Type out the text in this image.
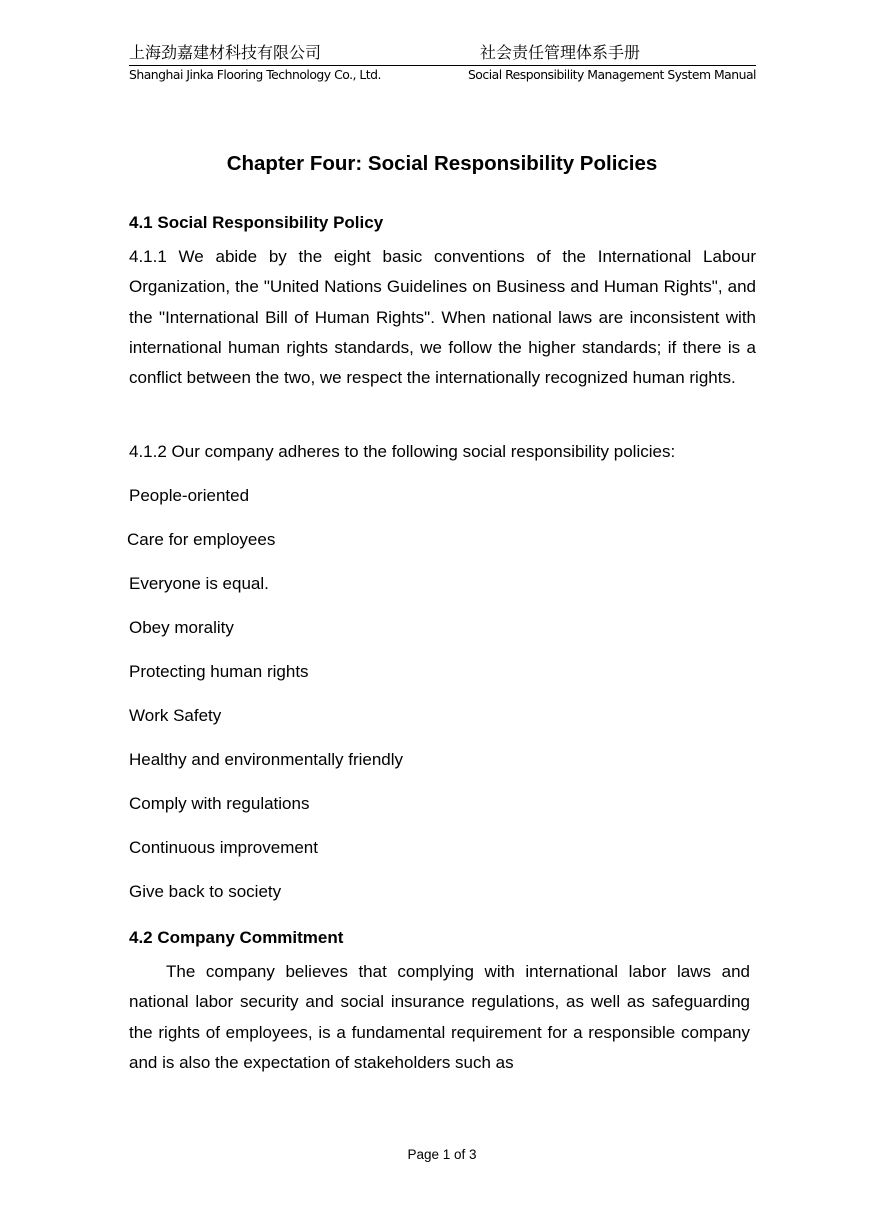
上海劲嘉建材科技有限公司	社会责任管理体系手册
Shanghai Jinka Flooring Technology Co., Ltd.	Social Responsibility Management System Manual
Chapter Four: Social Responsibility Policies
4.1 Social Responsibility Policy
4.1.1 We abide by the eight basic conventions of the International Labour Organization, the "United Nations Guidelines on Business and Human Rights", and the "International Bill of Human Rights". When national laws are inconsistent with international human rights standards, we follow the higher standards; if there is a conflict between the two, we respect the internationally recognized human rights.
4.1.2 Our company adheres to the following social responsibility policies:
People-oriented
Care for employees
Everyone is equal.
Obey morality
Protecting human rights
Work Safety
Healthy and environmentally friendly
Comply with regulations
Continuous improvement
Give back to society
4.2 Company Commitment
The company believes that complying with international labor laws and national labor security and social insurance regulations, as well as safeguarding the rights of employees, is a fundamental requirement for a responsible company and is also the expectation of stakeholders such as
Page 1 of 3
